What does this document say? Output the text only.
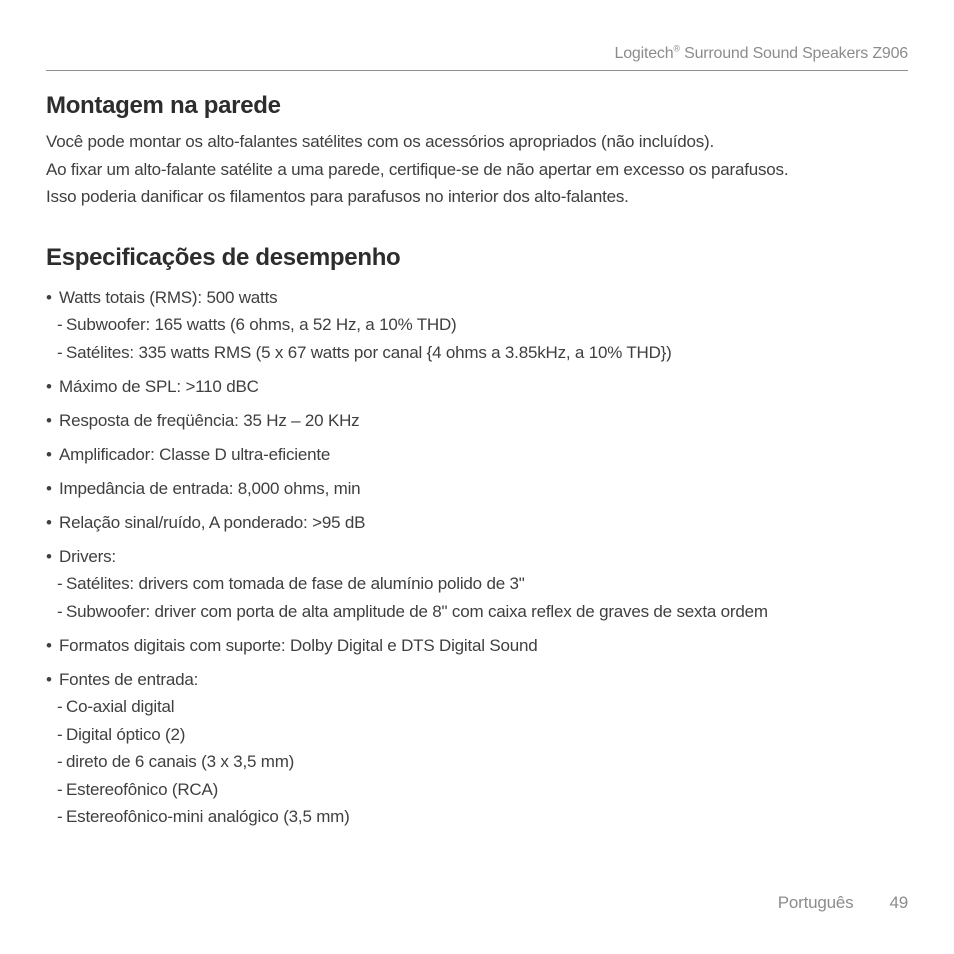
Logitech® Surround Sound Speakers Z906
Montagem na parede
Você pode montar os alto-falantes satélites com os acessórios apropriados (não incluídos).
Ao fixar um alto-falante satélite a uma parede, certifique-se de não apertar em excesso os parafusos.
Isso poderia danificar os filamentos para parafusos no interior dos alto-falantes.
Especificações de desempenho
• Watts totais (RMS): 500 watts
- Subwoofer: 165 watts (6 ohms, a 52 Hz, a 10% THD)
- Satélites: 335 watts RMS (5 x 67 watts por canal {4 ohms a 3.85kHz, a 10% THD})
• Máximo de SPL: >110 dBC
• Resposta de freqüência: 35 Hz – 20 KHz
• Amplificador: Classe D ultra-eficiente
• Impedância de entrada: 8,000 ohms, min
• Relação sinal/ruído, A ponderado: >95 dB
• Drivers:
- Satélites: drivers com tomada de fase de alumínio polido de 3"
- Subwoofer: driver com porta de alta amplitude de 8" com caixa reflex de graves de sexta ordem
• Formatos digitais com suporte: Dolby Digital e DTS Digital Sound
• Fontes de entrada:
- Co-axial digital
- Digital óptico (2)
- direto de 6 canais (3 x 3,5 mm)
- Estereofônico (RCA)
- Estereofônico-mini analógico (3,5 mm)
Português 49
